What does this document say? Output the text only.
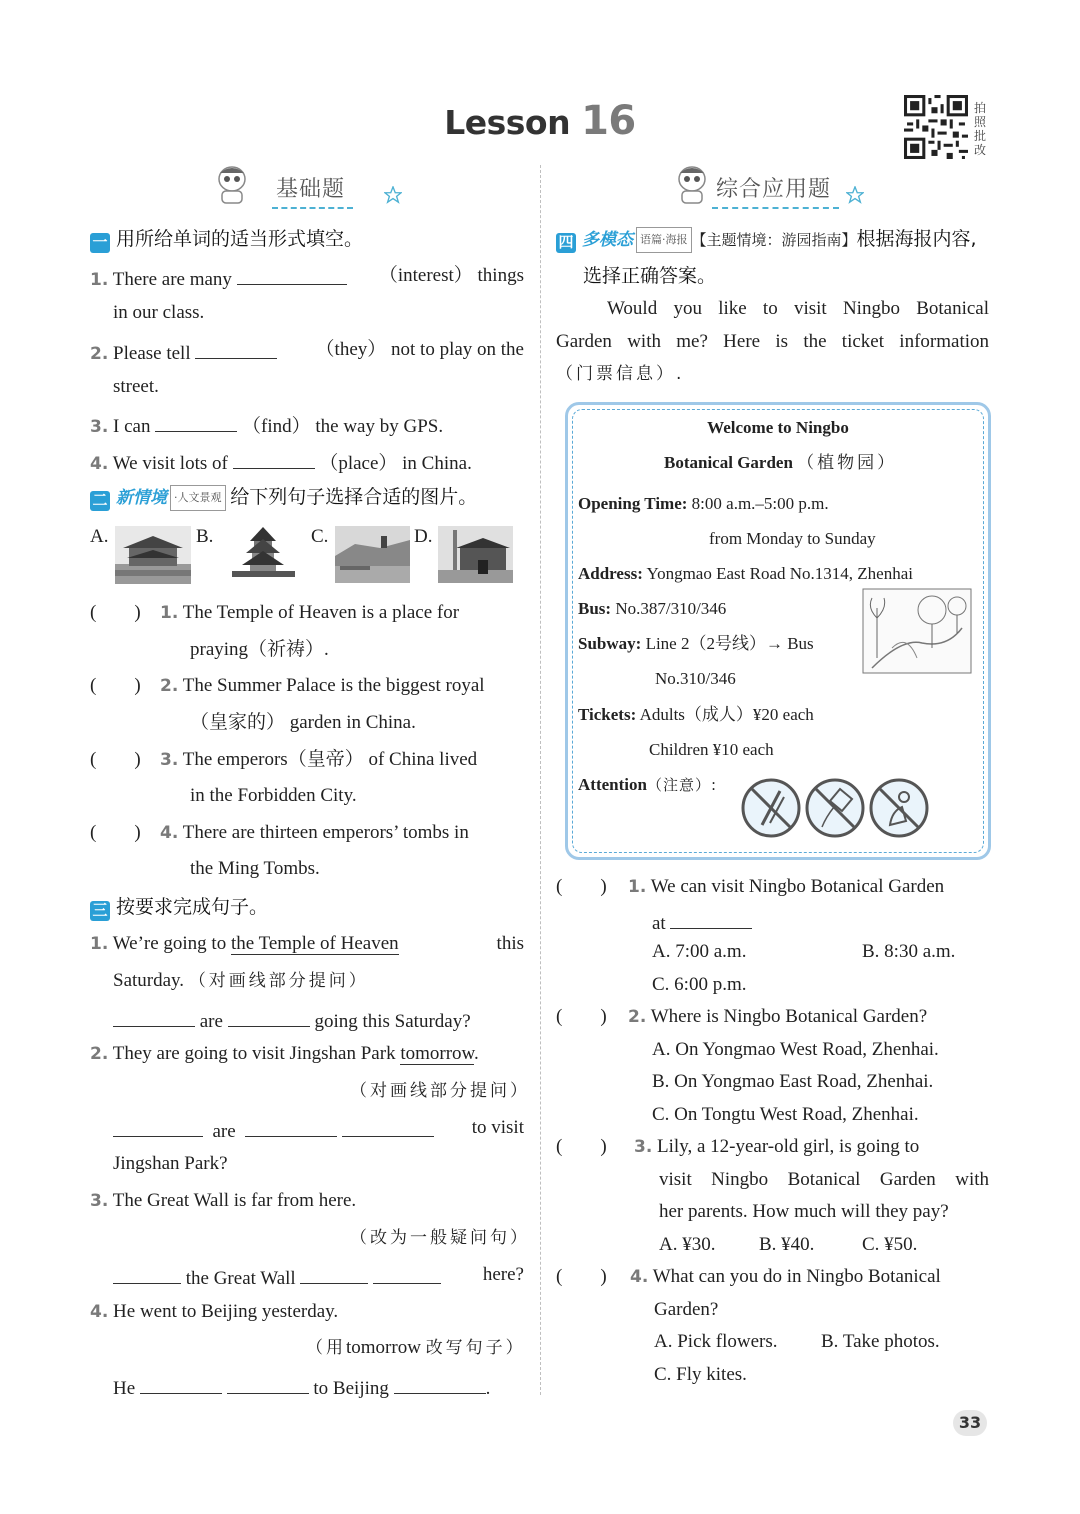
Lesson 16	拍照批改
基础题	综合应用题
一 用所给单词的适当形式填空。
1. There are many	（interest） things
in our class.
2. Please tell	（they） not to play on the
street.
3. I can	（find） the way by GPS.
4. We visit lots of	（place） in China.
二 新情境 ·人文景观 给下列句子选择合适的图片。
A.	B.	C.	D.
(　　) 1. The Temple of Heaven is a place for
praying（祈祷）.
(　　) 2. The Summer Palace is the biggest royal
（皇家的） garden in China.
(　　) 3. The emperors（皇帝） of China lived
in the Forbidden City.
(　　) 4. There are thirteen emperors’ tombs in
the Ming Tombs.
三 按要求完成句子。
1. We’re going to the Temple of Heaven	this
Saturday. （对画线部分提问）
are	going this Saturday?
2. They are going to visit Jingshan Park tomorrow.
（对画线部分提问）
are	to visit
Jingshan Park?
3. The Great Wall is far from here.
（改为一般疑问句）
the Great Wall	here?
4. He went to Beijing yesterday.
（用tomorrow 改写句子）
He	to Beijing	.
四 多模态 语篇·海报 【主题情境：游园指南】根据海报内容,
选择正确答案。
Would you like to visit Ningbo Botanical
Garden with me? Here is the ticket information
（门票信息）.
Welcome to Ningbo
Botanical Garden （植物园）
Opening Time: 8:00 a.m.–5:00 p.m.
from Monday to Sunday
Address: Yongmao East Road No.1314, Zhenhai
Bus: No.387/310/346
Subway: Line 2（2号线）→ Bus
No.310/346
Tickets: Adults（成人）¥20 each
Children ¥10 each
Attention（注意）:
(　　) 1. We can visit Ningbo Botanical Garden
at
A. 7:00 a.m.	B. 8:30 a.m.
C. 6:00 p.m.
(　　) 2. Where is Ningbo Botanical Garden?
A. On Yongmao West Road, Zhenhai.
B. On Yongmao East Road, Zhenhai.
C. On Tongtu West Road, Zhenhai.
(　　) 3. Lily, a 12-year-old girl, is going to
visit Ningbo Botanical Garden with
her parents. How much will they pay?
A. ¥30. B. ¥40.	C. ¥50.
(　　) 4. What can you do in Ningbo Botanical
Garden?
A. Pick flowers. B. Take photos.
C. Fly kites.
33
